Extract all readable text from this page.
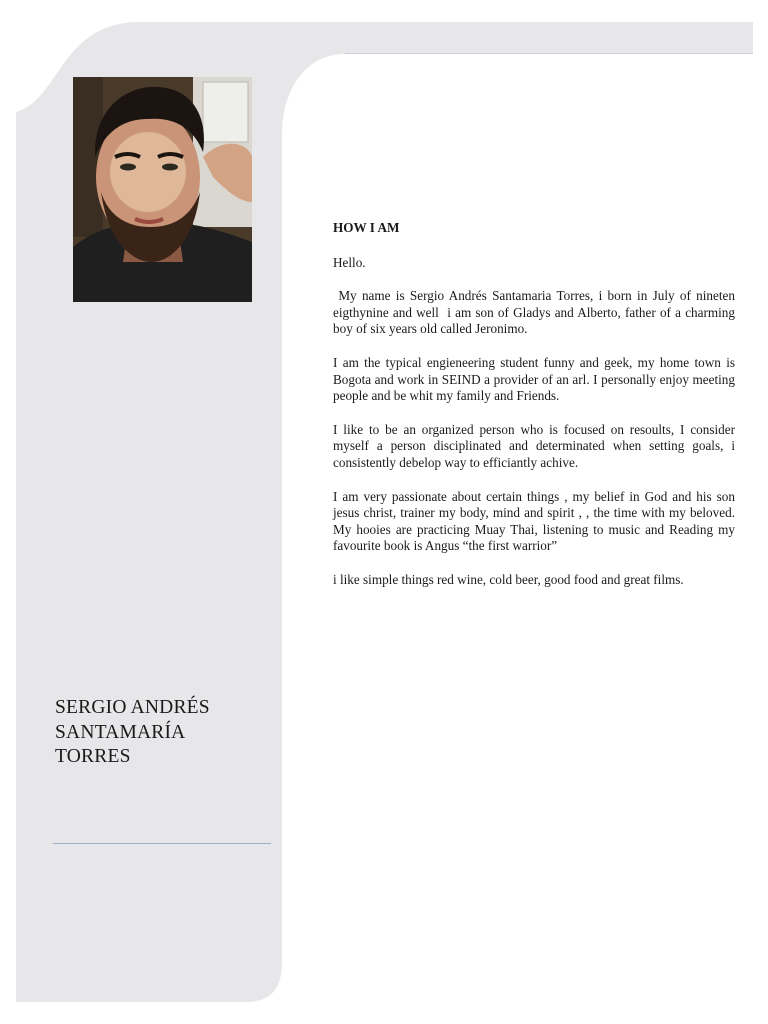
SERGIO ANDRÉS
SANTAMARÍA
TORRES
HOW I AM

Hello.

My name is Sergio Andrés Santamaria Torres, i born in July of nineten eigthynine and well  i am son of Gladys and Alberto, father of a charming boy of six years old called Jeronimo.

I am the typical engieneering student funny and geek, my home town is Bogota and work in SEIND a provider of an arl. I personally enjoy meeting people and be whit my family and Friends.

I like to be an organized person who is focused on resoults, I consider myself a person disciplinated and determinated when setting goals, i consistently debelop way to efficiantly achive.

I am very passionate about certain things , my belief in God and his son jesus christ, trainer my body, mind and spirit , , the time with my beloved. My hooies are practicing Muay Thai, listening to music and Reading my favourite book is Angus “the first warrior”

i like simple things red wine, cold beer, good food and great films.
